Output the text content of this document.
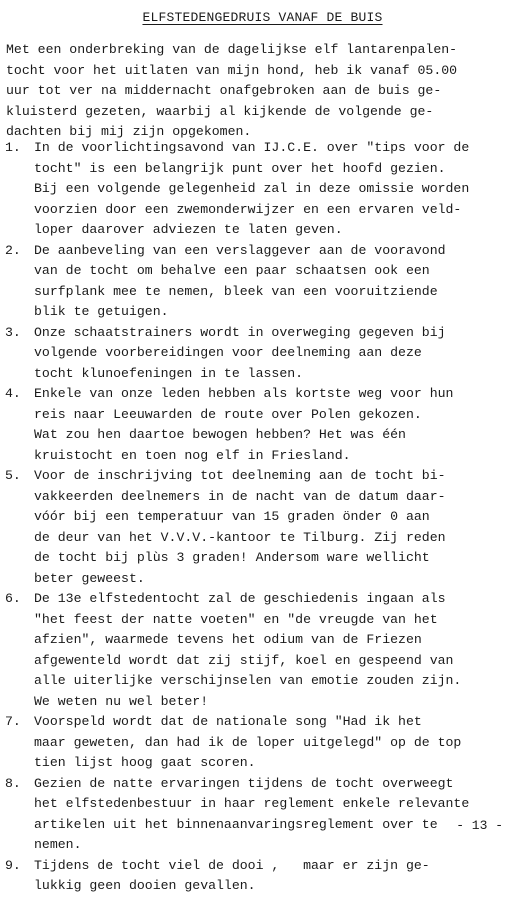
ELFSTEDENGEDRUIS VANAF DE BUIS
Met een onderbreking van de dagelijkse elf lantarenpalen-
tocht voor het uitlaten van mijn hond, heb ik vanaf 05.00
uur tot ver na middernacht onafgebroken aan de buis ge-
kluisterd gezeten, waarbij al kijkende de volgende ge-
dachten bij mij zijn opgekomen.
1. In de voorlichtingsavond van IJ.C.E. over "tips voor de
tocht" is een belangrijk punt over het hoofd gezien.
Bij een volgende gelegenheid zal in deze omissie worden
voorzien door een zwemonderwijzer en een ervaren veld-
loper daarover adviezen te laten geven.
2. De aanbeveling van een verslaggever aan de vooravond
van de tocht om behalve een paar schaatsen ook een
surfplank mee te nemen, bleek van een vooruitziende
blik te getuigen.
3. Onze schaatstrainers wordt in overweging gegeven bij
volgende voorbereidingen voor deelneming aan deze
tocht klunoefeningen in te lassen.
4. Enkele van onze leden hebben als kortste weg voor hun
reis naar Leeuwarden de route over Polen gekozen.
Wat zou hen daartoe bewogen hebben? Het was één
kruistocht en toen nog elf in Friesland.
5. Voor de inschrijving tot deelneming aan de tocht bi-
vakkeerden deelnemers in de nacht van de datum daar-
vóór bij een temperatuur van 15 graden önder 0 aan
de deur van het V.V.V.-kantoor te Tilburg. Zij reden
de tocht bij plùs 3 graden! Andersom ware wellicht
beter geweest.
6. De 13e elfstedentocht zal de geschiedenis ingaan als
"het feest der natte voeten" en "de vreugde van het
afzien", waarmede tevens het odium van de Friezen
afgewenteld wordt dat zij stijf, koel en gespeend van
alle uiterlijke verschijnselen van emotie zouden zijn.
We weten nu wel beter!
7. Voorspeld wordt dat de nationale song "Had ik het
maar geweten, dan had ik de loper uitgelegd" op de top
tien lijst hoog gaat scoren.
8. Gezien de natte ervaringen tijdens de tocht overweegt
het elfstedenbestuur in haar reglement enkele relevante
artikelen uit het binnenaanvaringsreglement over te
nemen.
9. Tijdens de tocht viel de dooi ,   maar er zijn ge-
lukkig geen dooien gevallen.
- 13 -
